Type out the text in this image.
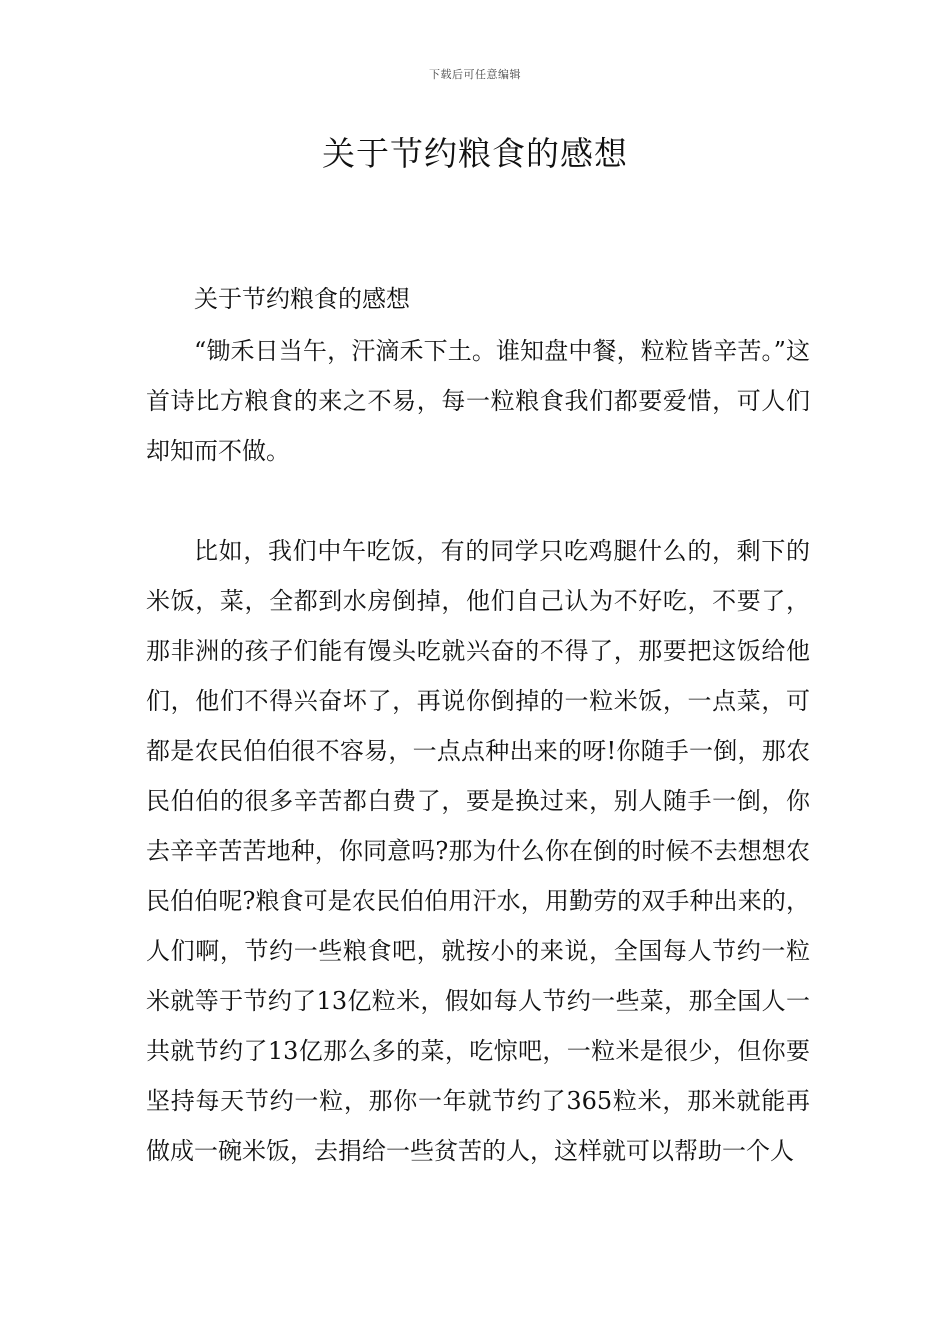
下载后可任意编辑
关于节约粮食的感想

关于节约粮食的感想

“锄禾日当午，汗滴禾下土。谁知盘中餐，粒粒皆辛苦。”这首诗比方粮食的来之不易，每一粒粮食我们都要爱惜，可人们却知而不做。

比如，我们中午吃饭，有的同学只吃鸡腿什么的，剩下的米饭，菜，全都到水房倒掉，他们自己认为不好吃，不要了，那非洲的孩子们能有馒头吃就兴奋的不得了，那要把这饭给他们，他们不得兴奋坏了，再说你倒掉的一粒米饭，一点菜，可都是农民伯伯很不容易，一点点种出来的呀!你随手一倒，那农民伯伯的很多辛苦都白费了，要是换过来，别人随手一倒，你去辛辛苦苦地种，你同意吗?那为什么你在倒的时候不去想想农民伯伯呢?粮食可是农民伯伯用汗水，用勤劳的双手种出来的，人们啊，节约一些粮食吧，就按小的来说，全国每人节约一粒米就等于节约了13亿粒米，假如每人节约一些菜，那全国人一共就节约了13亿那么多的菜，吃惊吧，一粒米是很少，但你要坚持每天节约一粒，那你一年就节约了365粒米，那米就能再做成一碗米饭，去捐给一些贫苦的人，这样就可以帮助一个人
